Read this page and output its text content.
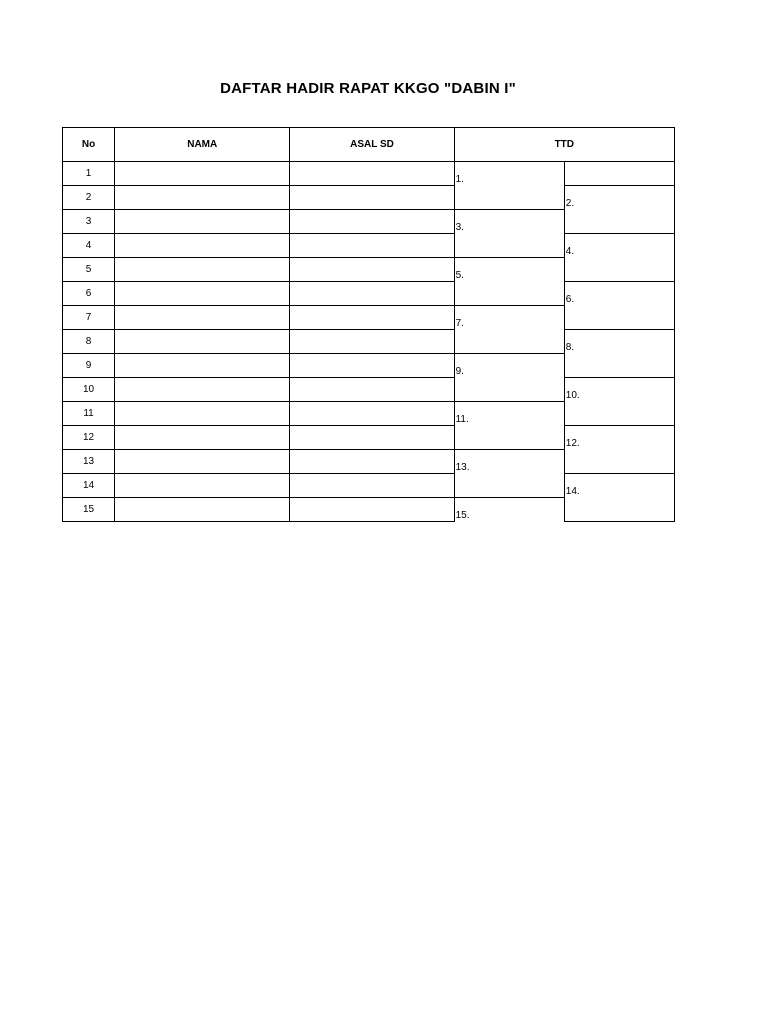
DAFTAR HADIR RAPAT KKGO "DABIN I"
No	NAMA	ASAL SD	TTD	
1			1.	
2				2.
3			3.	
4				4.
5			5.	
6				6.
7			7.	
8				8.
9			9.	
10				10.
11			11.	
12				12.
13			13.	
14				14.
15			15.	
